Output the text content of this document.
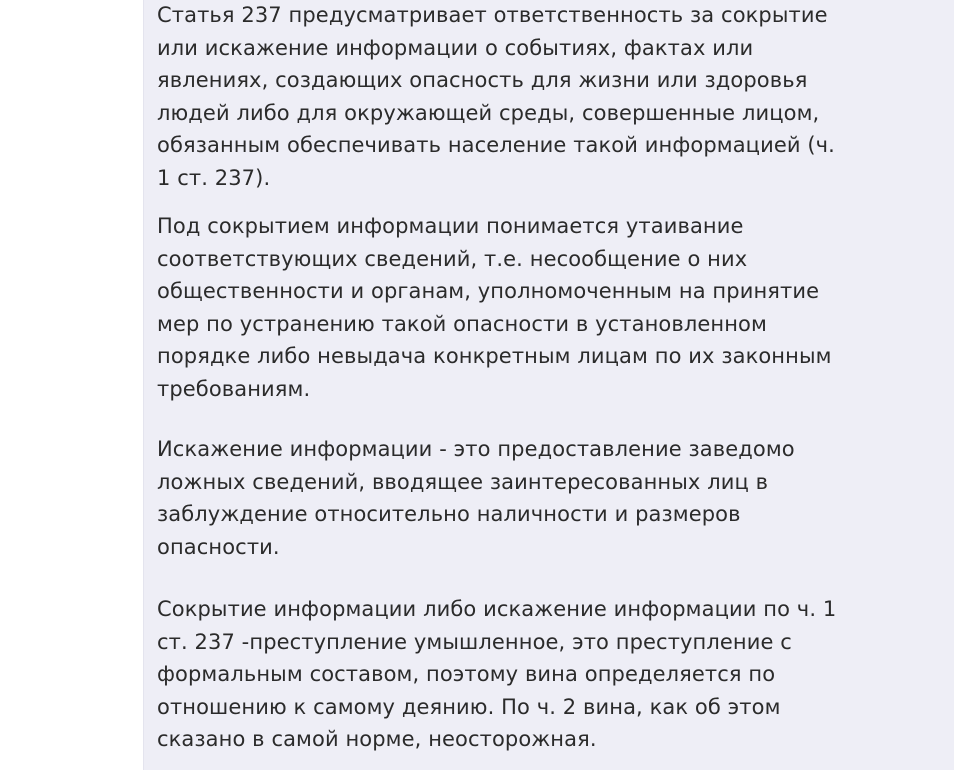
Статья 237 предусматривает ответственность за сокрытие
или искажение информации о событиях, фактах или
явлениях, создающих опасность для жизни или здоровья
людей либо для окружающей среды, совершенные лицом,
обязанным обеспечивать население такой информацией (ч.
1 ст. 237).

Под сокрытием информации понимается утаивание
соответствующих сведений, т.е. несообщение о них
общественности и органам, уполномоченным на принятие
мер по устранению такой опасности в установленном
порядке либо невыдача конкретным лицам по их законным
требованиям.

Искажение информации - это предоставление заведомо
ложных сведений, вводящее заинтересованных лиц в
заблуждение относительно наличности и размеров
опасности.

Сокрытие информации либо искажение информации по ч. 1
ст. 237 -преступление умышленное, это преступление с
формальным составом, поэтому вина определяется по
отношению к самому деянию. По ч. 2 вина, как об этом
сказано в самой норме, неосторожная.
